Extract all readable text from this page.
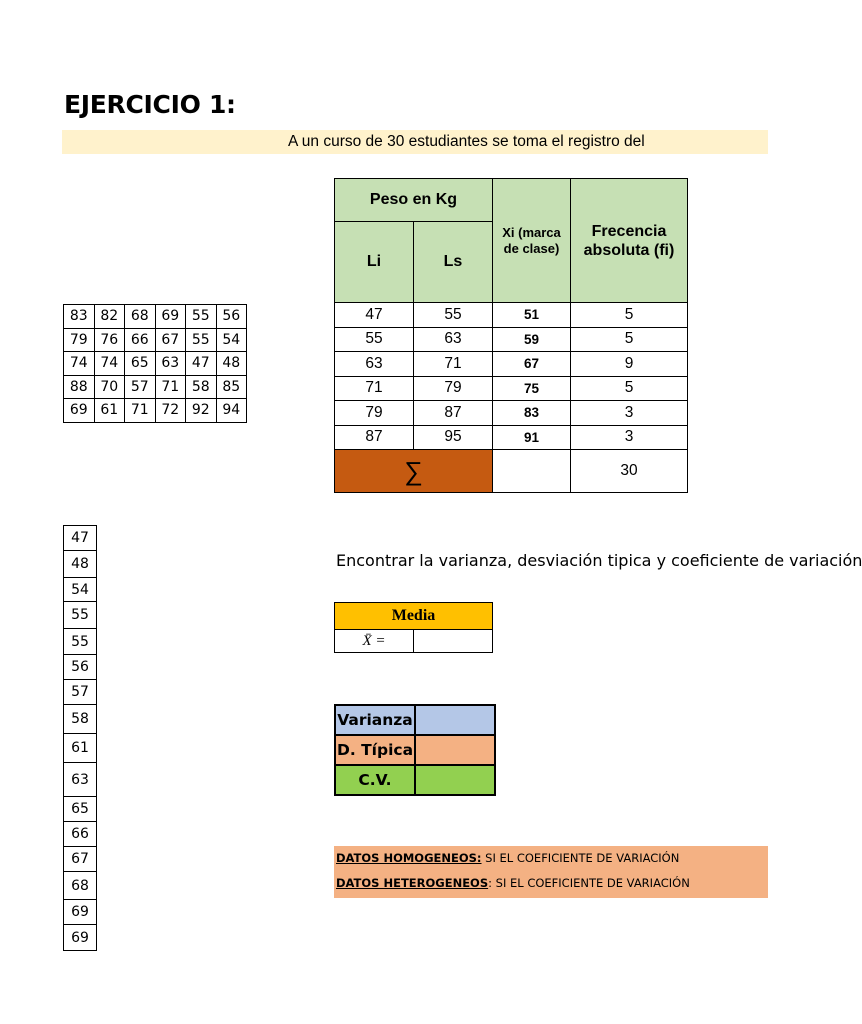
EJERCICIO 1:
A un curso de 30 estudiantes se toma el registro del
83	82	68	69	55	56
79	76	66	67	55	54
74	74	65	63	47	48
88	70	57	71	58	85
69	61	71	72	92	94
Peso en Kg		Xi (marca de clase)	Frecencia absoluta (fi)
Li	Ls		
47	55	51	5
55	63	59	5
63	71	67	9
71	79	75	5
79	87	83	3
87	95	91	3
∑			30
47
48
54
55
55
56
57
58
61
63
65
66
67
68
69
69
Encontrar la varianza, desviación tipica y coeficiente de variación
Media
X̄ =	
Varianza	
D. Típica	
C.V.	
DATOS HOMOGENEOS: SI EL COEFICIENTE DE VARIACIÓN
DATOS HETEROGENEOS: SI EL COEFICIENTE DE VARIACIÓN
